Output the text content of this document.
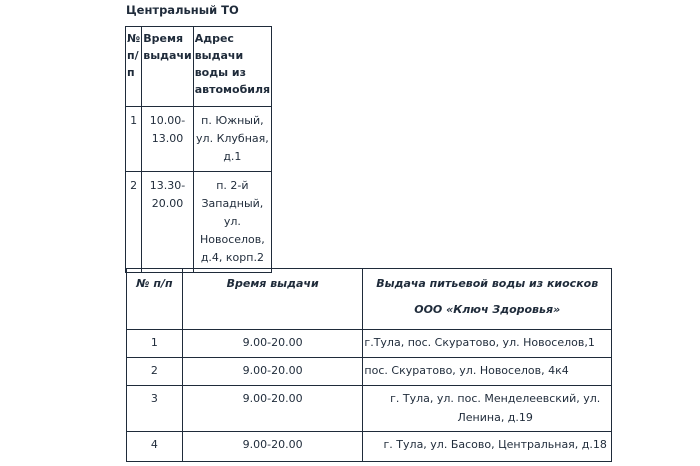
Центральный ТО
№ п/п	Время выдачи	Адрес выдачи воды из автомобиля
1	10.00-13.00	п. Южный, ул. Клубная, д.1
2	13.30-20.00	п. 2-й Западный, ул. Новоселов, д.4, корп.2
№ п/п	Время выдачи	Выдача питьевой воды из киосков ООО «Ключ Здоровья»
1	9.00-20.00	г.Тула, пос. Скуратово, ул. Новоселов,1
2	9.00-20.00	пос. Скуратово, ул. Новоселов, 4к4
3	9.00-20.00	г. Тула, ул. пос. Менделеевский, ул. Ленина, д.19
4	9.00-20.00	г. Тула, ул. Басово, Центральная, д.18
